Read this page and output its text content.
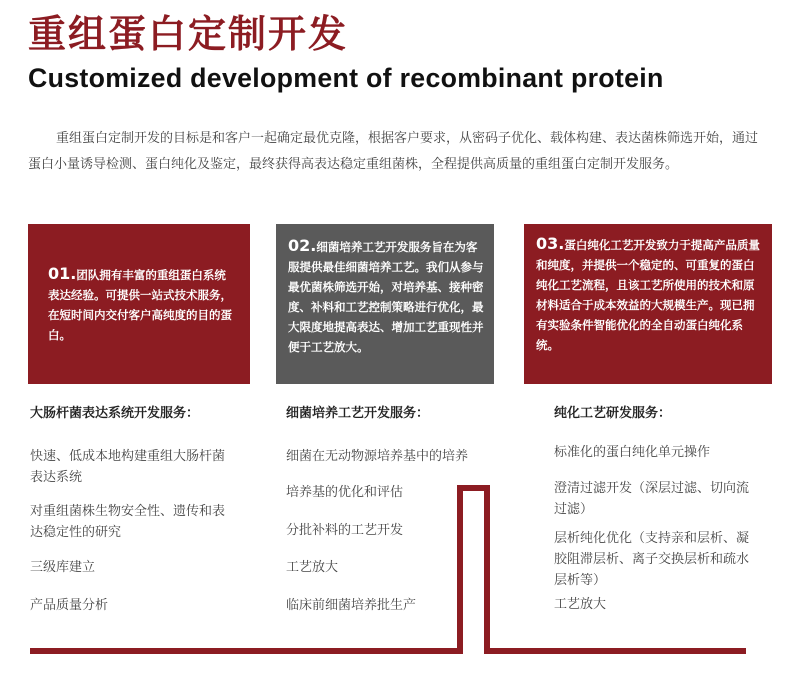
重组蛋白定制开发
Customized development of recombinant protein
重组蛋白定制开发的目标是和客户一起确定最优克隆，根据客户要求，从密码子优化、载体构建、表达菌株筛选开始，通过蛋白小量诱导检测、蛋白纯化及鉴定，最终获得高表达稳定重组菌株，全程提供高质量的重组蛋白定制开发服务。
01.团队拥有丰富的重组蛋白系统表达经验。可提供一站式技术服务，在短时间内交付客户高纯度的目的蛋白。
02.细菌培养工艺开发服务旨在为客服提供最佳细菌培养工艺。我们从参与最优菌株筛选开始，对培养基、接种密度、补料和工艺控制策略进行优化，最大限度地提高表达、增加工艺重现性并便于工艺放大。
03.蛋白纯化工艺开发致力于提高产品质量和纯度，并提供一个稳定的、可重复的蛋白纯化工艺流程，且该工艺所使用的技术和原材料适合于成本效益的大规模生产。现已拥有实验条件智能优化的全自动蛋白纯化系统。
大肠杆菌表达系统开发服务：
快速、低成本地构建重组大肠杆菌表达系统
对重组菌株生物安全性、遗传和表达稳定性的研究
三级库建立
产品质量分析
细菌培养工艺开发服务：
细菌在无动物源培养基中的培养
培养基的优化和评估
分批补料的工艺开发
工艺放大
临床前细菌培养批生产
纯化工艺研发服务：
标准化的蛋白纯化单元操作
澄清过滤开发（深层过滤、切向流过滤）
层析纯化优化（支持亲和层析、凝胶阻滞层析、离子交换层析和疏水层析等）
工艺放大
